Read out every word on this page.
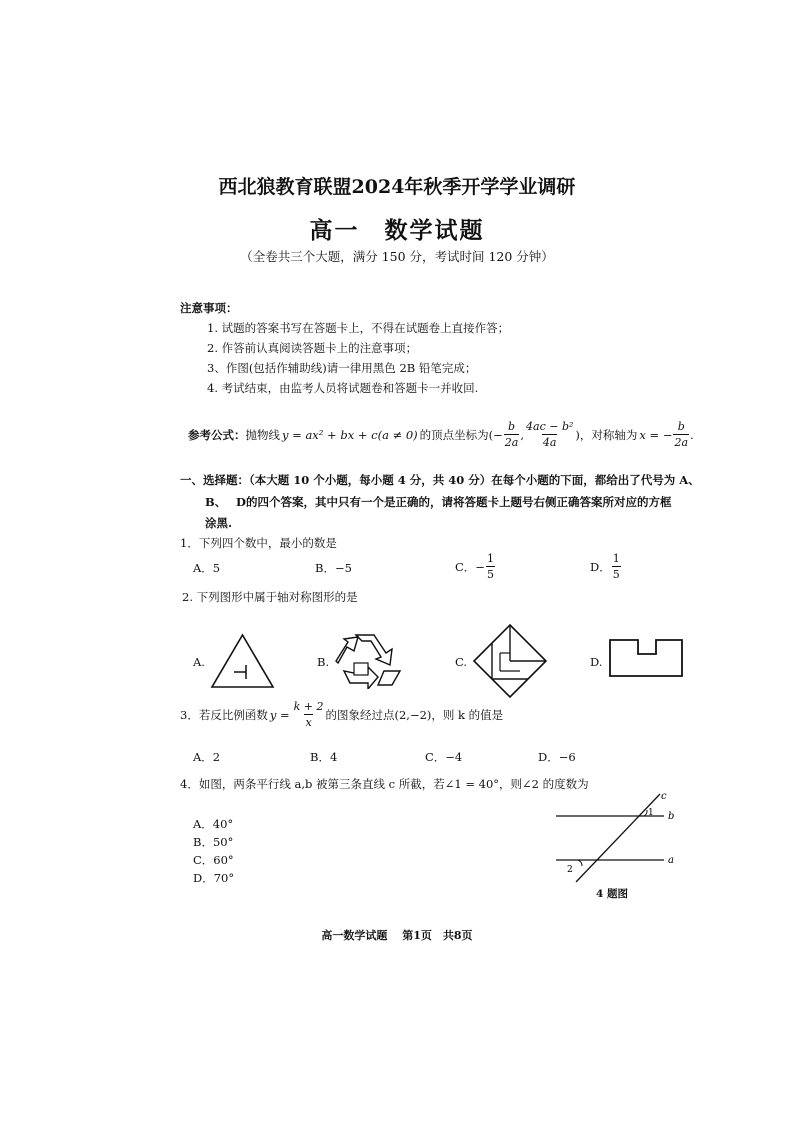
西北狼教育联盟2024年秋季开学学业调研
高一　数学试题
（全卷共三个大题，满分 150 分，考试时间 120 分钟）
注意事项：
1. 试题的答案书写在答题卡上，不得在试题卷上直接作答；
2. 作答前认真阅读答题卡上的注意事项；
3、作图(包括作辅助线)请一律用黑色 2B 铅笔完成；
4. 考试结束，由监考人员将试题卷和答题卡一并收回.
参考公式： 抛物线 y = ax² + bx + c(a ≠ 0) 的顶点坐标为 (− $\frac{b}{2a}$ , $\frac{\text{4ac − b²}}{4a}$ ) ，对称轴为 x = − $\frac{b}{2a}$ .
一、选择题：（本大题 10 个小题，每小题 4 分，共 40 分）在每个小题的下面，都给出了代号为 A、
B、　 D的四个答案，其中只有一个是正确的，请将答题卡上题号右侧正确答案所对应的方框
涂黑.
1．下列四个数中，最小的数是
A．5	B．−5	C．− $\frac{1}{5}$	D． $\frac{1}{5}$
2. 下列图形中属于轴对称图形的是
A.	B.	C.	D.
3．若反比例函数 $y = \frac{k + 2}{x}$ 的图象经过点(2,−2)，则 k 的值是
A．2	B．4	C．−4	D．−6
4．如图，两条平行线 a,b 被第三条直线 c 所截，若∠1 = 40°，则∠2 的度数为
A．40°
B．50°
C．60°
D．70°
c
b
a
1
2
4 题图
高一数学试题　 第1页　共8页
